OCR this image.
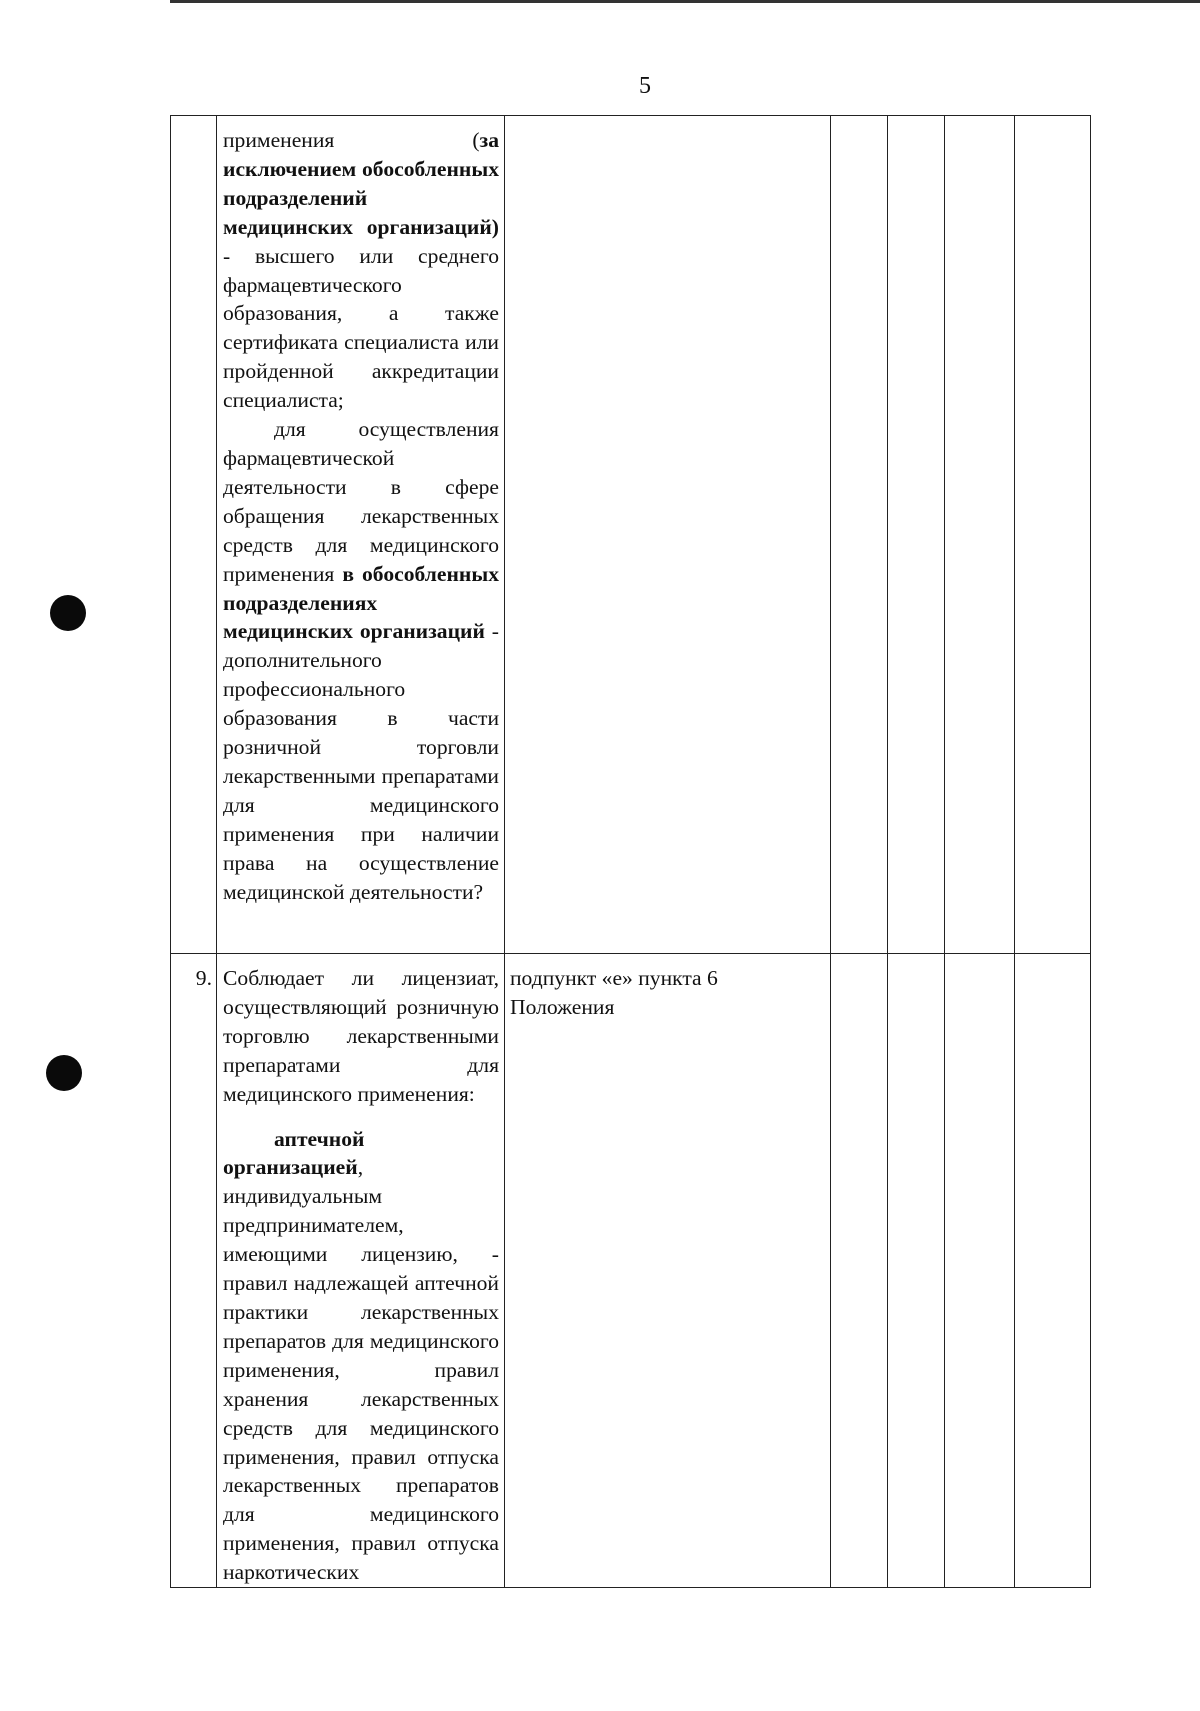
5

	применения (за исключением обособленных подразделений медицинских организаций) - высшего или среднего фармацевтического образования, а также сертификата специалиста или пройденной аккредитации специалиста;

для осуществления фармацевтической деятельности в сфере обращения лекарственных средств для медицинского применения в обособленных подразделениях медицинских организаций - дополнительного профессионального образования в части розничной торговли лекарственными препаратами для медицинского применения при наличии права на осуществление медицинской деятельности?					

9.	Соблюдает ли лицензиат, осуществляющий розничную торговлю лекарственными препаратами для медицинского применения:

аптечной организацией, индивидуальным предпринимателем, имеющими лицензию, - правил надлежащей аптечной практики лекарственных препаратов для медицинского применения, правил хранения лекарственных средств для медицинского применения, правил отпуска лекарственных препаратов для медицинского применения, правил отпуска наркотических	подпункт «е» пункта 6 Положения				
